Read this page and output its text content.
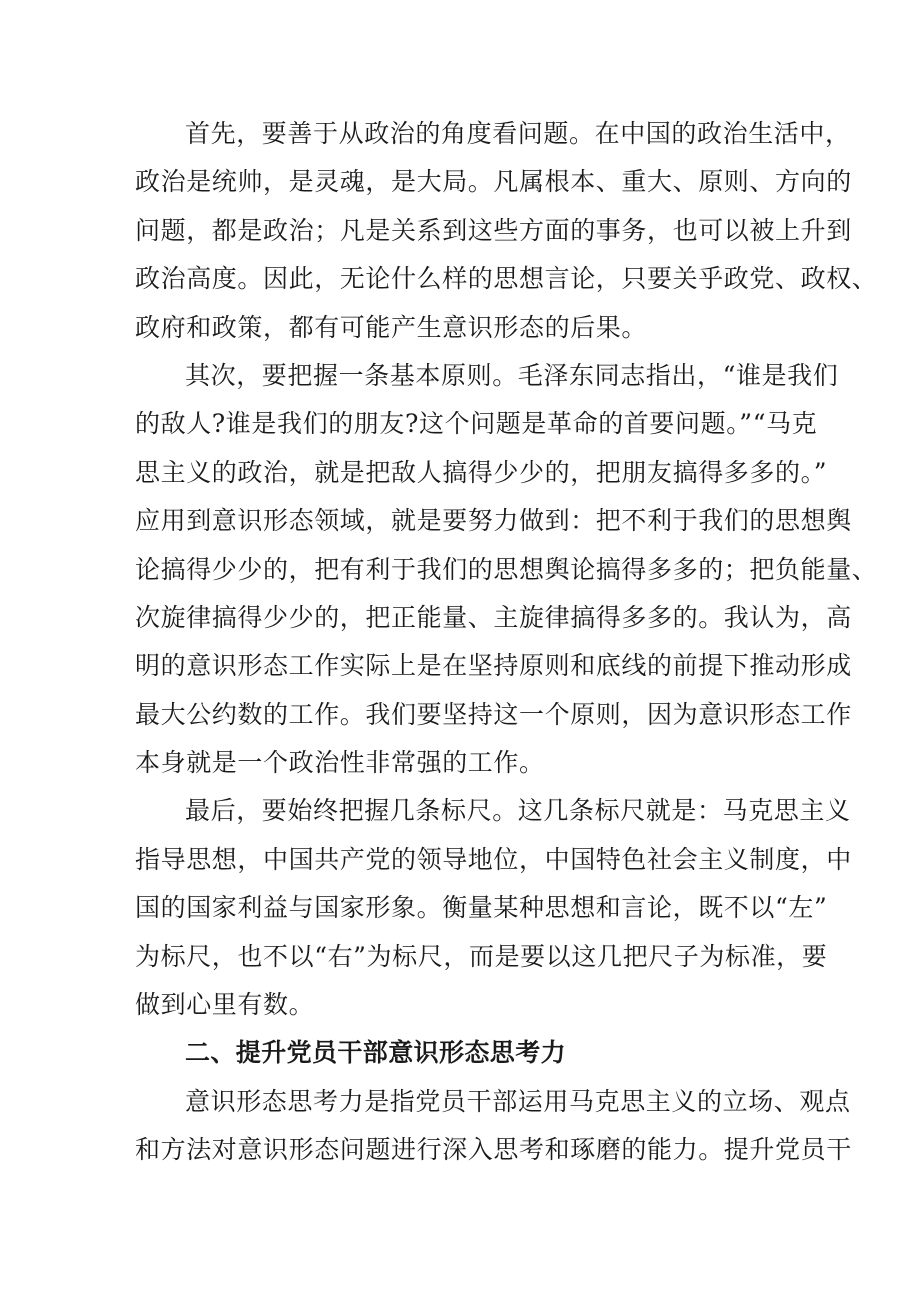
首先，要善于从政治的角度看问题。在中国的政治生活中，
政治是统帅，是灵魂，是大局。凡属根本、重大、原则、方向的
问题，都是政治；凡是关系到这些方面的事务，也可以被上升到
政治高度。因此，无论什么样的思想言论，只要关乎政党、政权、
政府和政策，都有可能产生意识形态的后果。
其次，要把握一条基本原则。毛泽东同志指出，“谁是我们
的敌人?谁是我们的朋友?这个问题是革命的首要问题。”“马克
思主义的政治，就是把敌人搞得少少的，把朋友搞得多多的。”
应用到意识形态领域，就是要努力做到：把不利于我们的思想舆
论搞得少少的，把有利于我们的思想舆论搞得多多的；把负能量、
次旋律搞得少少的，把正能量、主旋律搞得多多的。我认为，高
明的意识形态工作实际上是在坚持原则和底线的前提下推动形成
最大公约数的工作。我们要坚持这一个原则，因为意识形态工作
本身就是一个政治性非常强的工作。
最后，要始终把握几条标尺。这几条标尺就是：马克思主义
指导思想，中国共产党的领导地位，中国特色社会主义制度，中
国的国家利益与国家形象。衡量某种思想和言论，既不以“左”
为标尺，也不以“右”为标尺，而是要以这几把尺子为标准，要
做到心里有数。
二、提升党员干部意识形态思考力
意识形态思考力是指党员干部运用马克思主义的立场、观点
和方法对意识形态问题进行深入思考和琢磨的能力。提升党员干
